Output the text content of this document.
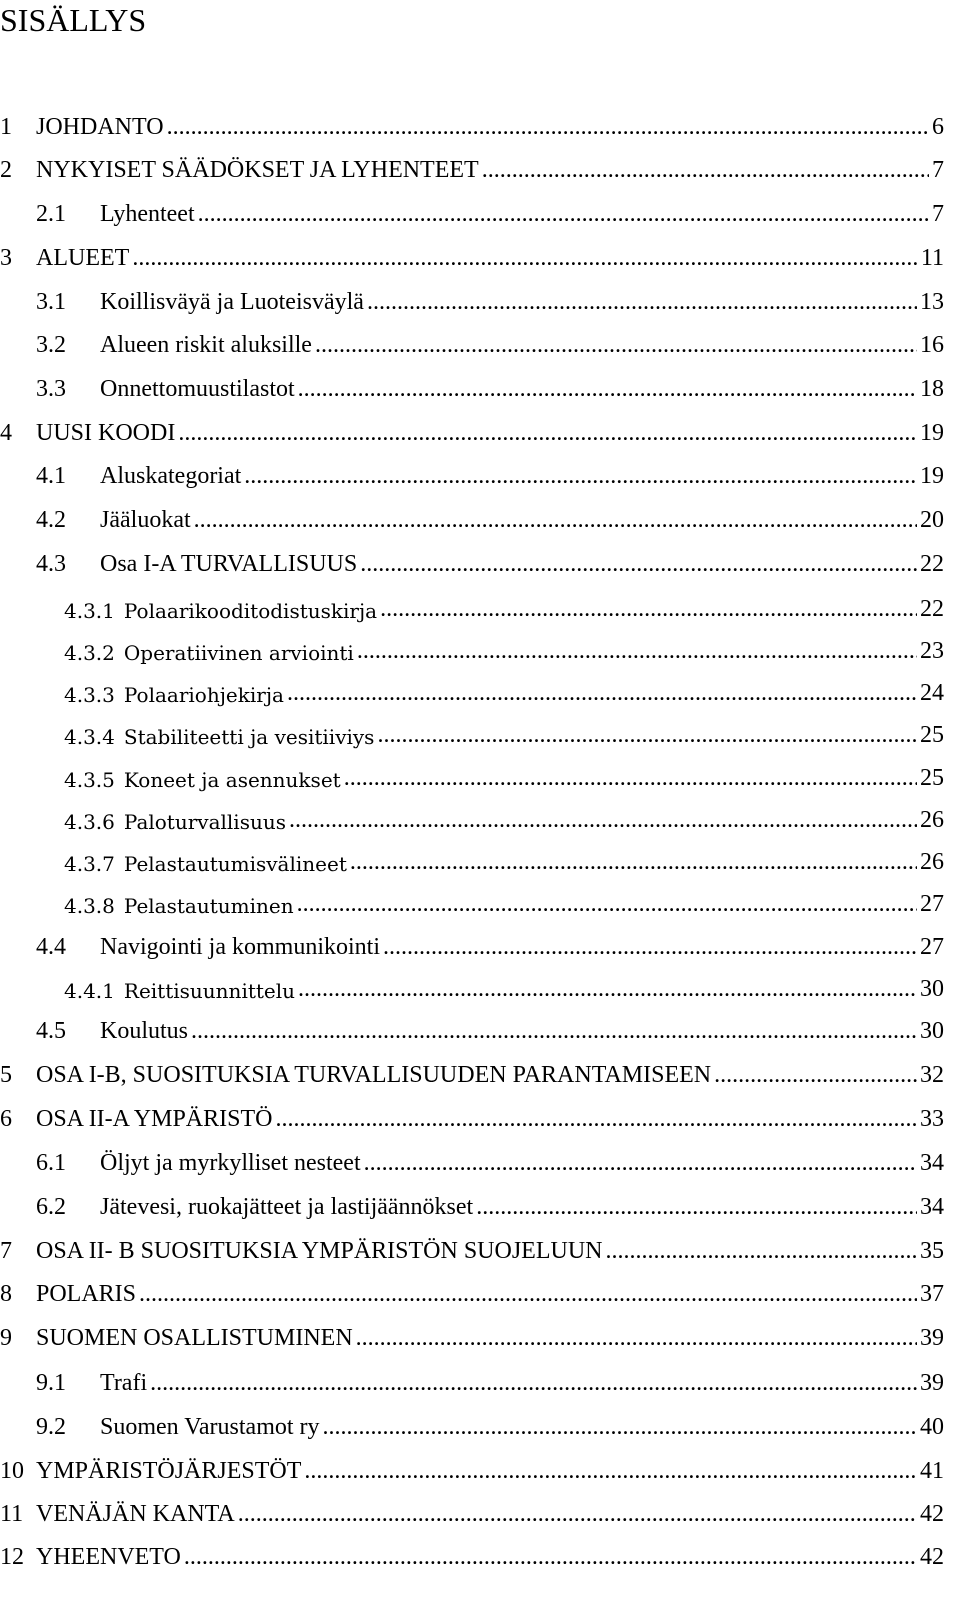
SISÄLLYS
1	JOHDANTO .....	6
2	NYKYISET SÄÄDÖKSET JA LYHENTEET .....	7
2.1	Lyhenteet .....	7
3	ALUEET .....	11
3.1	Koillisväyä ja Luoteisväylä .....	13
3.2	Alueen riskit aluksille .....	16
3.3	Onnettomuustilastot .....	18
4	UUSI KOODI .....	19
4.1	Aluskategoriat .....	19
4.2	Jääluokat .....	20
4.3	Osa I-A TURVALLISUUS .....	22
4.3.1 Polaarikooditodistuskirja .....	22
4.3.2 Operatiivinen arviointi .....	23
4.3.3 Polaariohjekirja .....	24
4.3.4 Stabiliteetti ja vesitiiviys .....	25
4.3.5 Koneet ja asennukset .....	25
4.3.6 Paloturvallisuus .....	26
4.3.7 Pelastautumisvälineet .....	26
4.3.8 Pelastautuminen .....	27
4.4	Navigointi ja kommunikointi .....	27
4.4.1 Reittisuunnittelu .....	30
4.5	Koulutus .....	30
5	OSA I-B, SUOSITUKSIA TURVALLISUUDEN PARANTAMISEEN .....	32
6	OSA II-A YMPÄRISTÖ .....	33
6.1	Öljyt ja myrkylliset nesteet .....	34
6.2	Jätevesi, ruokajätteet ja lastijäännökset .....	34
7	OSA II- B SUOSITUKSIA YMPÄRISTÖN SUOJELUUN .....	35
8	POLARIS .....	37
9	SUOMEN OSALLISTUMINEN .....	39
9.1	Trafi .....	39
9.2	Suomen Varustamot ry .....	40
10 YMPÄRISTÖJÄRJESTÖT .....	41
11 VENÄJÄN KANTA .....	42
12 YHEENVETO .....	42
